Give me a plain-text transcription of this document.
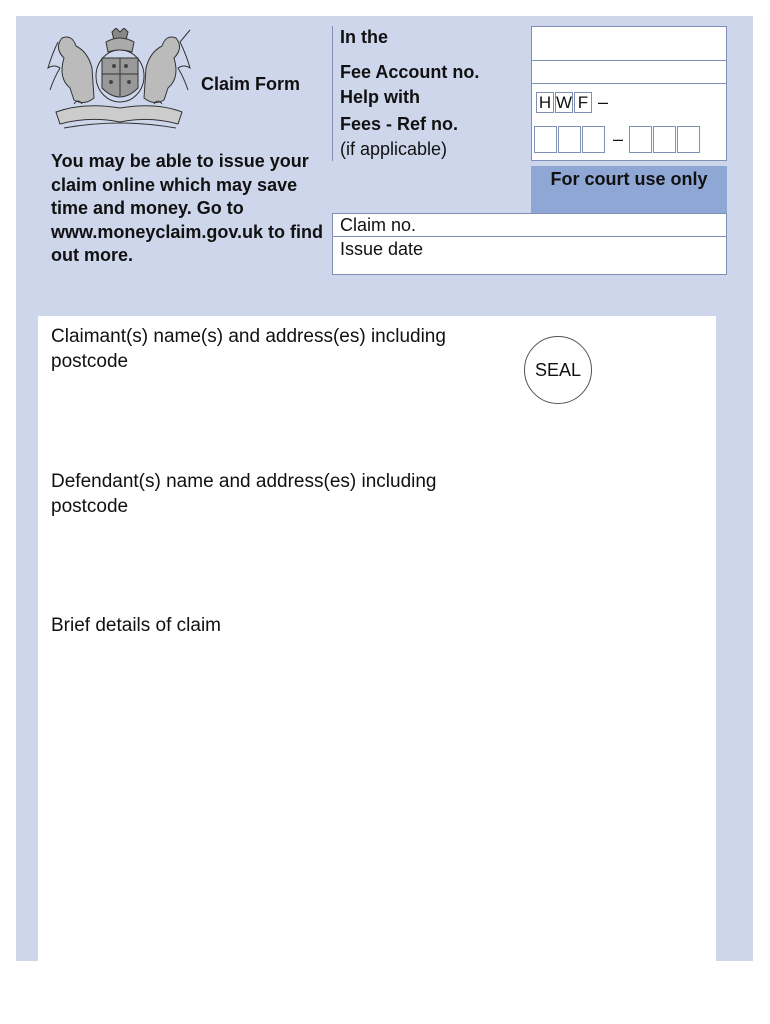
Claim Form
You may be able to issue your claim online which may save time and money. Go to www.moneyclaim.gov.uk to find out more.
In the
Fee Account no.
Help with
Fees - Ref no.
(if applicable)
H W F –
–
For court use only
Claim no.
Issue date
Claimant(s) name(s) and address(es) including postcode	SEAL
Defendant(s) name and address(es) including postcode
Brief details of claim
